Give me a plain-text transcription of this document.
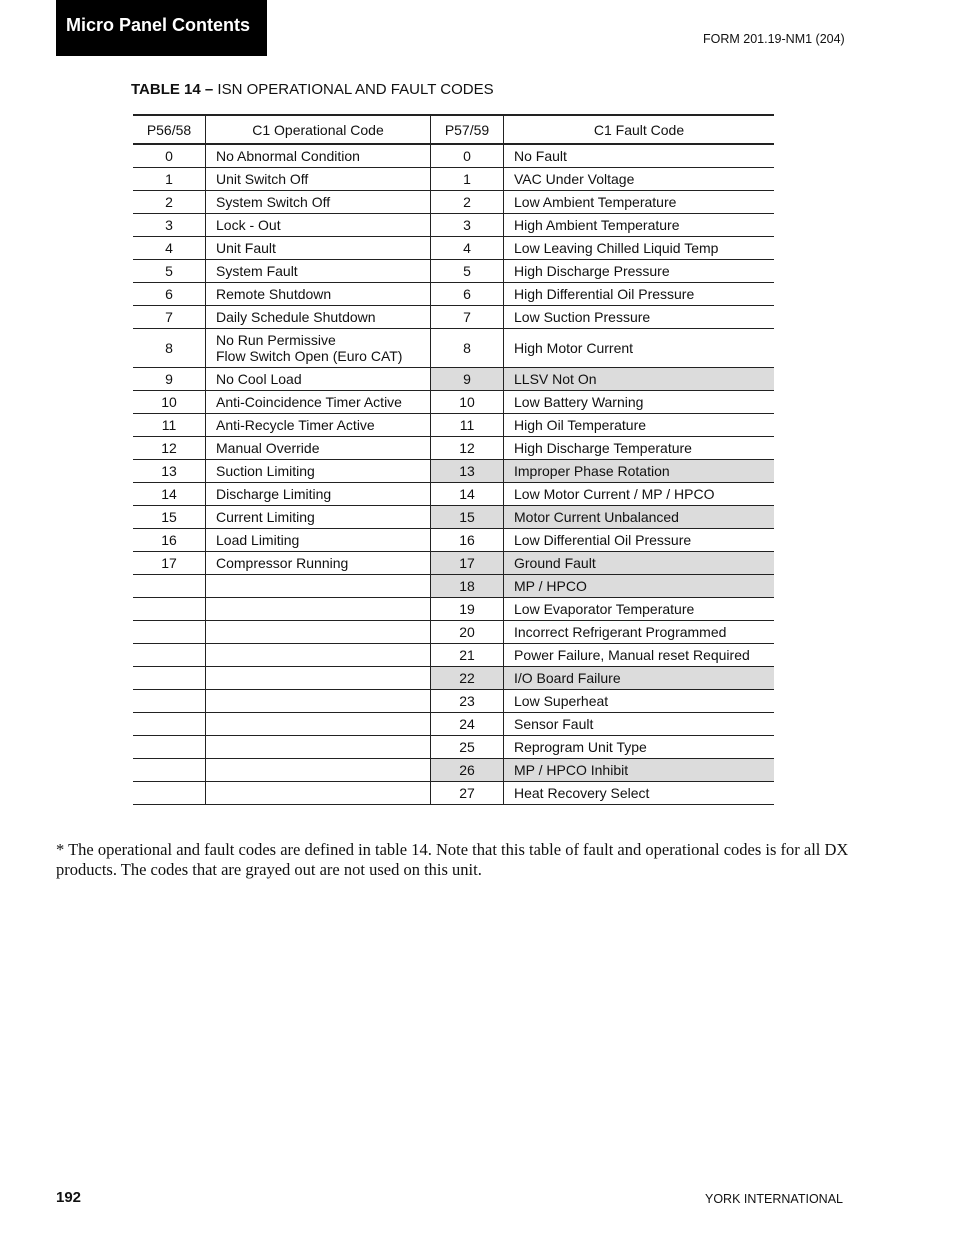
Micro Panel Contents
FORM 201.19-NM1 (204)
TABLE 14 – ISN OPERATIONAL AND FAULT CODES
P56/58	C1 Operational Code	P57/59	C1 Fault Code
0	No Abnormal Condition	0	No Fault
1	Unit Switch Off	1	VAC Under Voltage
2	System Switch Off	2	Low Ambient Temperature
3	Lock - Out	3	High Ambient Temperature
4	Unit Fault	4	Low Leaving Chilled Liquid Temp
5	System Fault	5	High Discharge Pressure
6	Remote Shutdown	6	High Differential Oil Pressure
7	Daily Schedule Shutdown	7	Low Suction Pressure
8	No Run Permissive
Flow Switch Open (Euro CAT)	8	High Motor Current
9	No Cool Load	9	LLSV Not On
10	Anti-Coincidence Timer Active	10	Low Battery Warning
11	Anti-Recycle Timer Active	11	High Oil Temperature
12	Manual Override	12	High Discharge Temperature
13	Suction Limiting	13	Improper Phase Rotation
14	Discharge Limiting	14	Low Motor Current / MP / HPCO
15	Current Limiting	15	Motor Current Unbalanced
16	Load Limiting	16	Low Differential Oil Pressure
17	Compressor Running	17	Ground Fault
		18	MP / HPCO
		19	Low Evaporator Temperature
		20	Incorrect Refrigerant Programmed
		21	Power Failure, Manual reset Required
		22	I/O Board Failure
		23	Low Superheat
		24	Sensor Fault
		25	Reprogram Unit Type
		26	MP / HPCO Inhibit
		27	Heat Recovery Select
* The operational and fault codes are defined in table 14. Note that this table of fault and operational codes is for all DX products. The codes that are grayed out are not used on this unit.
192	YORK INTERNATIONAL
